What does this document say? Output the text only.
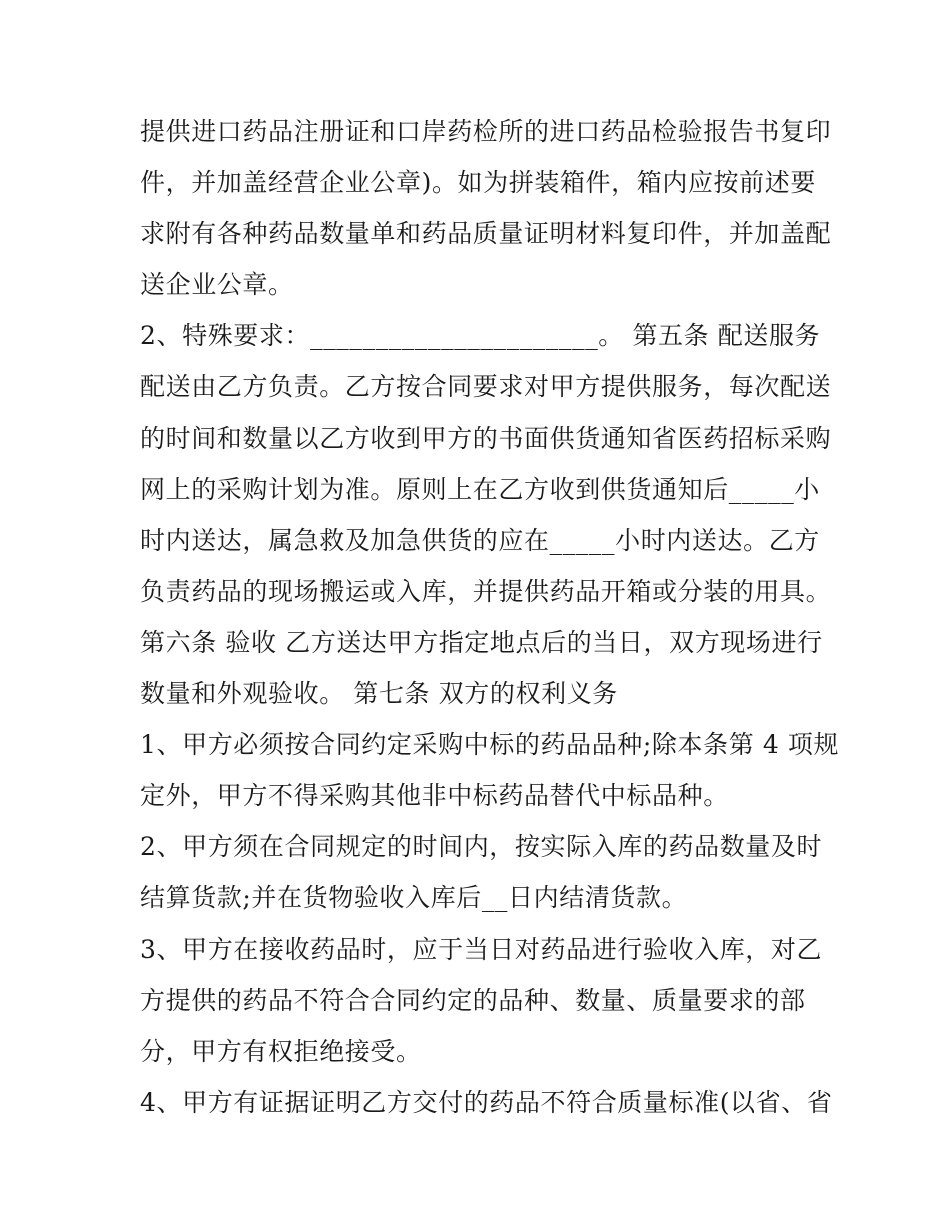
提供进口药品注册证和口岸药检所的进口药品检验报告书复印
件，并加盖经营企业公章)。如为拼装箱件，箱内应按前述要
求附有各种药品数量单和药品质量证明材料复印件，并加盖配
送企业公章。
2、特殊要求：______________________。 第五条 配送服务
配送由乙方负责。乙方按合同要求对甲方提供服务，每次配送
的时间和数量以乙方收到甲方的书面供货通知省医药招标采购
网上的采购计划为准。原则上在乙方收到供货通知后_____小
时内送达，属急救及加急供货的应在_____小时内送达。乙方
负责药品的现场搬运或入库，并提供药品开箱或分装的用具。
第六条 验收 乙方送达甲方指定地点后的当日，双方现场进行
数量和外观验收。 第七条 双方的权利义务
1、甲方必须按合同约定采购中标的药品品种;除本条第 4 项规
定外，甲方不得采购其他非中标药品替代中标品种。
2、甲方须在合同规定的时间内，按实际入库的药品数量及时
结算货款;并在货物验收入库后__日内结清货款。
3、甲方在接收药品时，应于当日对药品进行验收入库，对乙
方提供的药品不符合合同约定的品种、数量、质量要求的部
分，甲方有权拒绝接受。
4、甲方有证据证明乙方交付的药品不符合质量标准(以省、省
